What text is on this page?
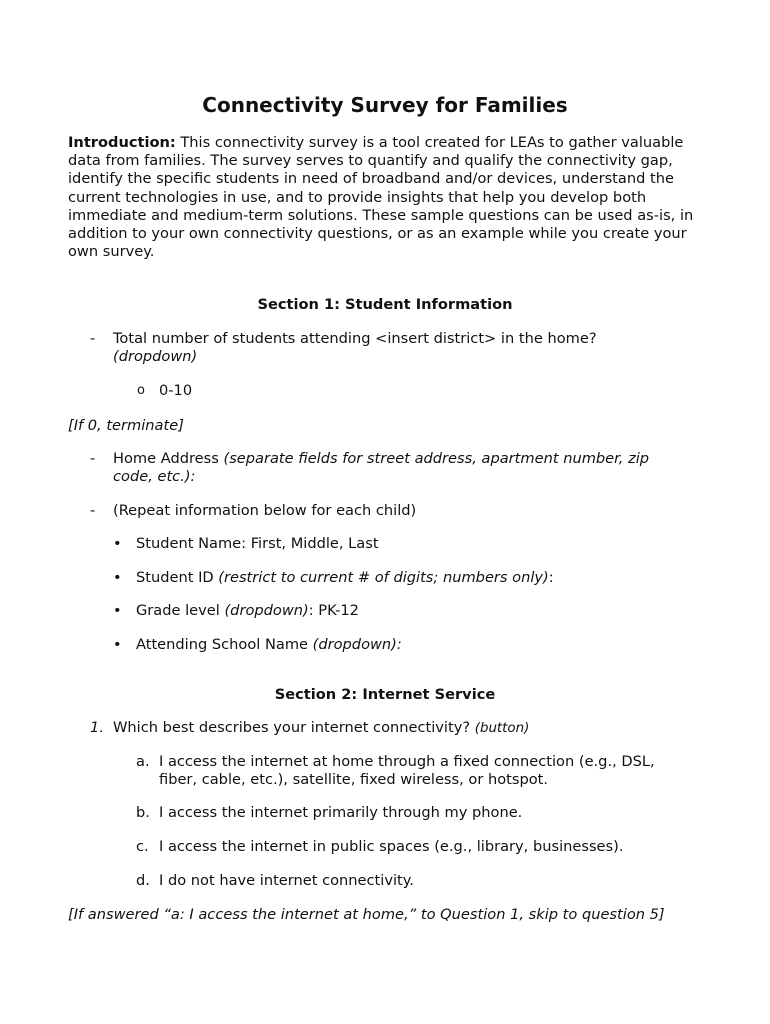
Connectivity Survey for Families
Introduction: This connectivity survey is a tool created for LEAs to gather valuable data from families. The survey serves to quantify and qualify the connectivity gap, identify the specific students in need of broadband and/or devices, understand the current technologies in use, and to provide insights that help you develop both immediate and medium-term solutions. These sample questions can be used as-is, in addition to your own connectivity questions, or as an example while you create your own survey.
Section 1: Student Information
- Total number of students attending <insert district> in the home?
(dropdown)
o 0-10
[If 0, terminate]
- Home Address (separate fields for street address, apartment number, zip code, etc.):
- (Repeat information below for each child)
• Student Name: First, Middle, Last
• Student ID (restrict to current # of digits; numbers only):
• Grade level (dropdown): PK-12
• Attending School Name (dropdown):
Section 2: Internet Service
1. Which best describes your internet connectivity? (button)
a. I access the internet at home through a fixed connection (e.g., DSL, fiber, cable, etc.), satellite, fixed wireless, or hotspot.
b. I access the internet primarily through my phone.
c. I access the internet in public spaces (e.g., library, businesses).
d. I do not have internet connectivity.
[If answered “a: I access the internet at home,” to Question 1, skip to question 5]
